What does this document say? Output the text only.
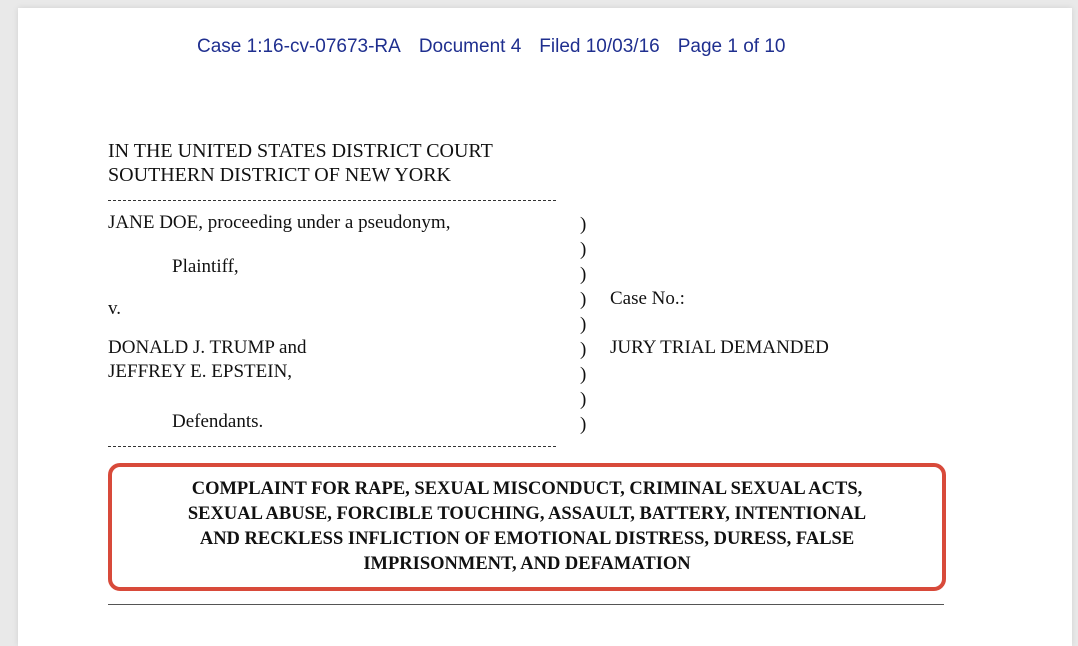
Case 1:16-cv-07673-RA Document 4 Filed 10/03/16 Page 1 of 10
IN THE UNITED STATES DISTRICT COURT
SOUTHERN DISTRICT OF NEW YORK
JANE DOE, proceeding under a pseudonym,
Plaintiff,
v.
DONALD J. TRUMP and
JEFFREY E. EPSTEIN,
Defendants.
)
)
)
)
)
)
)
)
)
Case No.:
JURY TRIAL DEMANDED
COMPLAINT FOR RAPE, SEXUAL MISCONDUCT, CRIMINAL SEXUAL ACTS,
SEXUAL ABUSE, FORCIBLE TOUCHING, ASSAULT, BATTERY, INTENTIONAL
AND RECKLESS INFLICTION OF EMOTIONAL DISTRESS, DURESS, FALSE
IMPRISONMENT, AND DEFAMATION
